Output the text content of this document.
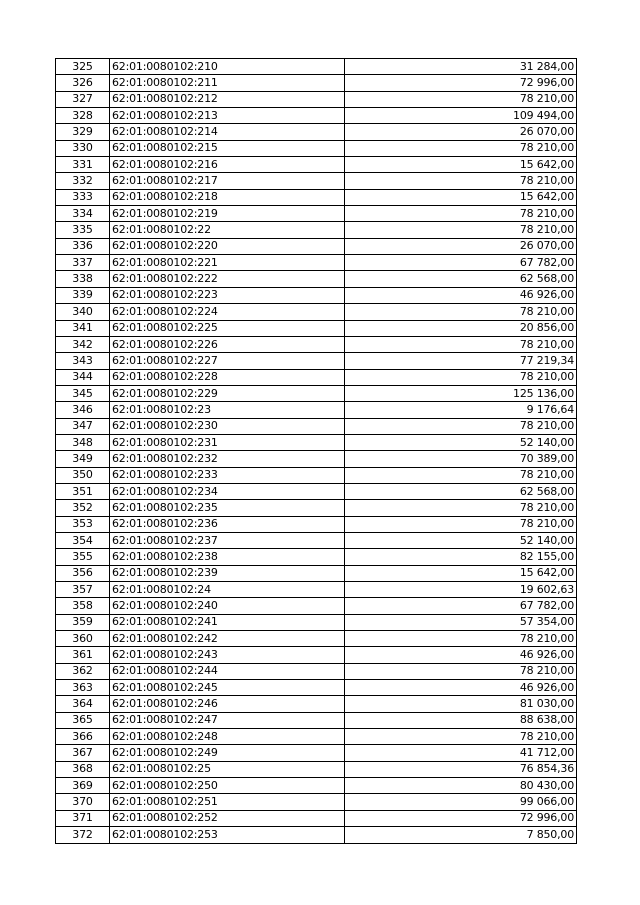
325	62:01:0080102:210	31 284,00
326	62:01:0080102:211	72 996,00
327	62:01:0080102:212	78 210,00
328	62:01:0080102:213	109 494,00
329	62:01:0080102:214	26 070,00
330	62:01:0080102:215	78 210,00
331	62:01:0080102:216	15 642,00
332	62:01:0080102:217	78 210,00
333	62:01:0080102:218	15 642,00
334	62:01:0080102:219	78 210,00
335	62:01:0080102:22	78 210,00
336	62:01:0080102:220	26 070,00
337	62:01:0080102:221	67 782,00
338	62:01:0080102:222	62 568,00
339	62:01:0080102:223	46 926,00
340	62:01:0080102:224	78 210,00
341	62:01:0080102:225	20 856,00
342	62:01:0080102:226	78 210,00
343	62:01:0080102:227	77 219,34
344	62:01:0080102:228	78 210,00
345	62:01:0080102:229	125 136,00
346	62:01:0080102:23	9 176,64
347	62:01:0080102:230	78 210,00
348	62:01:0080102:231	52 140,00
349	62:01:0080102:232	70 389,00
350	62:01:0080102:233	78 210,00
351	62:01:0080102:234	62 568,00
352	62:01:0080102:235	78 210,00
353	62:01:0080102:236	78 210,00
354	62:01:0080102:237	52 140,00
355	62:01:0080102:238	82 155,00
356	62:01:0080102:239	15 642,00
357	62:01:0080102:24	19 602,63
358	62:01:0080102:240	67 782,00
359	62:01:0080102:241	57 354,00
360	62:01:0080102:242	78 210,00
361	62:01:0080102:243	46 926,00
362	62:01:0080102:244	78 210,00
363	62:01:0080102:245	46 926,00
364	62:01:0080102:246	81 030,00
365	62:01:0080102:247	88 638,00
366	62:01:0080102:248	78 210,00
367	62:01:0080102:249	41 712,00
368	62:01:0080102:25	76 854,36
369	62:01:0080102:250	80 430,00
370	62:01:0080102:251	99 066,00
371	62:01:0080102:252	72 996,00
372	62:01:0080102:253	7 850,00
